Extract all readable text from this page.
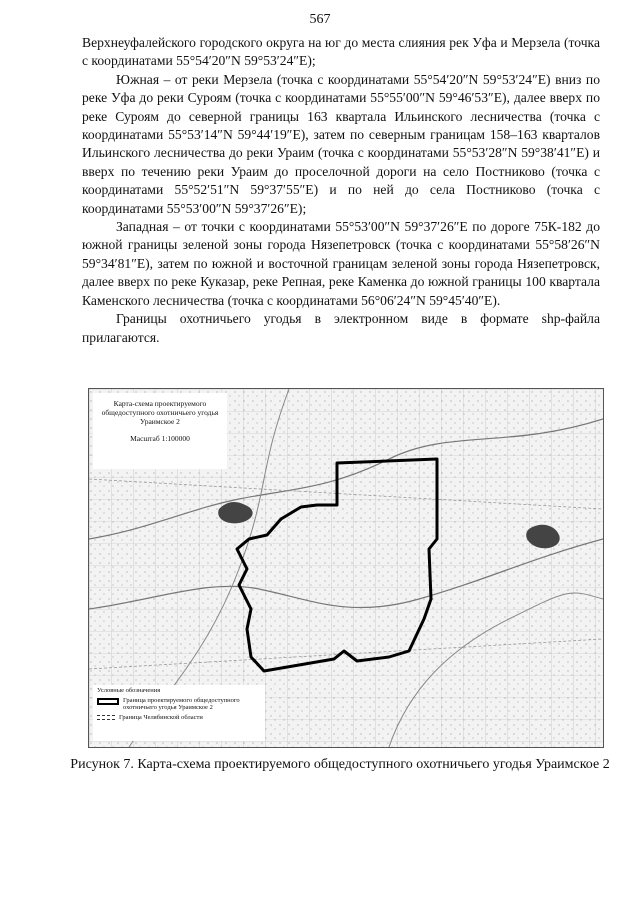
567

Верхнеуфалейского городского округа на юг до места слияния рек Уфа и Мерзела (точка с координатами 55°54′20″N 59°53′24″E);

Южная – от реки Мерзела (точка с координатами 55°54′20″N 59°53′24″E) вниз по реке Уфа до реки Суроям (точка с координатами 55°55′00″N 59°46′53″E), далее вверх по реке Суроям до северной границы 163 квартала Ильинского лесничества (точка с координатами 55°53′14″N 59°44′19″E), затем по северным границам 158–163 кварталов Ильинского лесничества до реки Ураим (точка с координатами 55°53′28″N 59°38′41″E) и вверх по течению реки Ураим до проселочной дороги на село Постниково (точка с координатами 55°52′51″N 59°37′55″E) и по ней до села Постниково (точка с координатами 55°53′00″N 59°37′26″E);

Западная – от точки с координатами 55°53′00″N 59°37′26″E по дороге 75К-182 до южной границы зеленой зоны города Нязепетровск (точка с координатами 55°58′26″N 59°34′81″E), затем по южной и восточной границам зеленой зоны города Нязепетровск, далее вверх по реке Куказар, реке Репная, реке Каменка до южной границы 100 квартала Каменского лесничества (точка с координатами 56°06′24″N 59°45′40″E).

Границы охотничьего угодья в электронном виде в формате shp-файла прилагаются.

Карта-схема проектируемого общедоступного охотничьего угодья Ураимское 2
Масштаб 1:100000
Условные обозначения
Граница проектируемого общедоступного охотничьего угодья Ураимское 2
Граница Челябинской области
Рисунок 7. Карта-схема проектируемого общедоступного охотничьего угодья Ураимское 2
